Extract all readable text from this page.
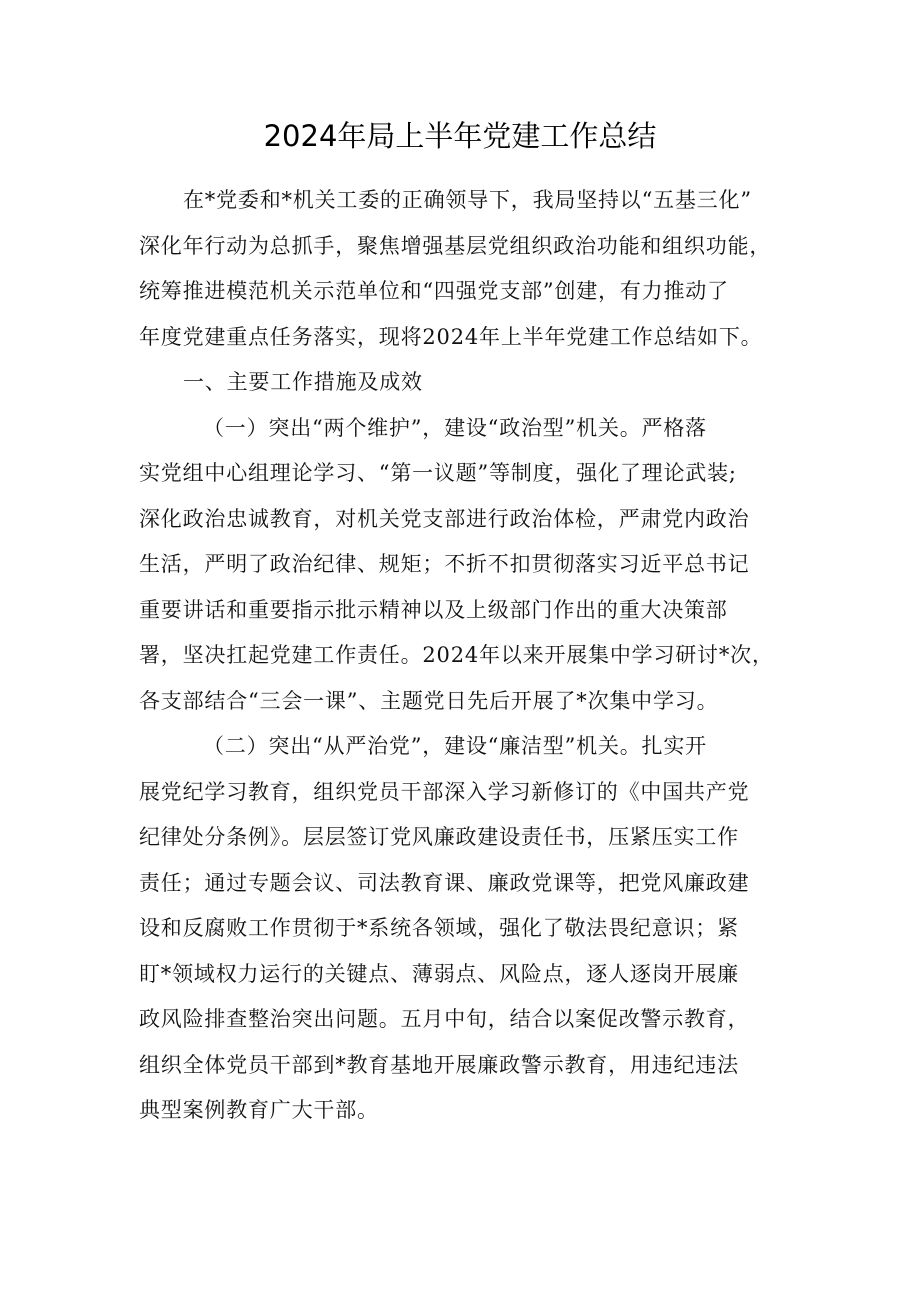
2024年局上半年党建工作总结

在*党委和*机关工委的正确领导下，我局坚持以“五基三化”
深化年行动为总抓手，聚焦增强基层党组织政治功能和组织功能，
统筹推进模范机关示范单位和“四强党支部”创建，有力推动了
年度党建重点任务落实，现将2024年上半年党建工作总结如下。

一、主要工作措施及成效

（一）突出“两个维护”，建设“政治型”机关。严格落
实党组中心组理论学习、“第一议题”等制度，强化了理论武装;
深化政治忠诚教育，对机关党支部进行政治体检，严肃党内政治
生活，严明了政治纪律、规矩；不折不扣贯彻落实习近平总书记
重要讲话和重要指示批示精神以及上级部门作出的重大决策部
署，坚决扛起党建工作责任。2024年以来开展集中学习研讨*次，
各支部结合“三会一课”、主题党日先后开展了*次集中学习。

（二）突出“从严治党”，建设“廉洁型”机关。扎实开
展党纪学习教育，组织党员干部深入学习新修订的《中国共产党
纪律处分条例》。层层签订党风廉政建设责任书，压紧压实工作
责任；通过专题会议、司法教育课、廉政党课等，把党风廉政建
设和反腐败工作贯彻于*系统各领域，强化了敬法畏纪意识；紧
盯*领域权力运行的关键点、薄弱点、风险点，逐人逐岗开展廉
政风险排查整治突出问题。五月中旬，结合以案促改警示教育，
组织全体党员干部到*教育基地开展廉政警示教育，用违纪违法
典型案例教育广大干部。
